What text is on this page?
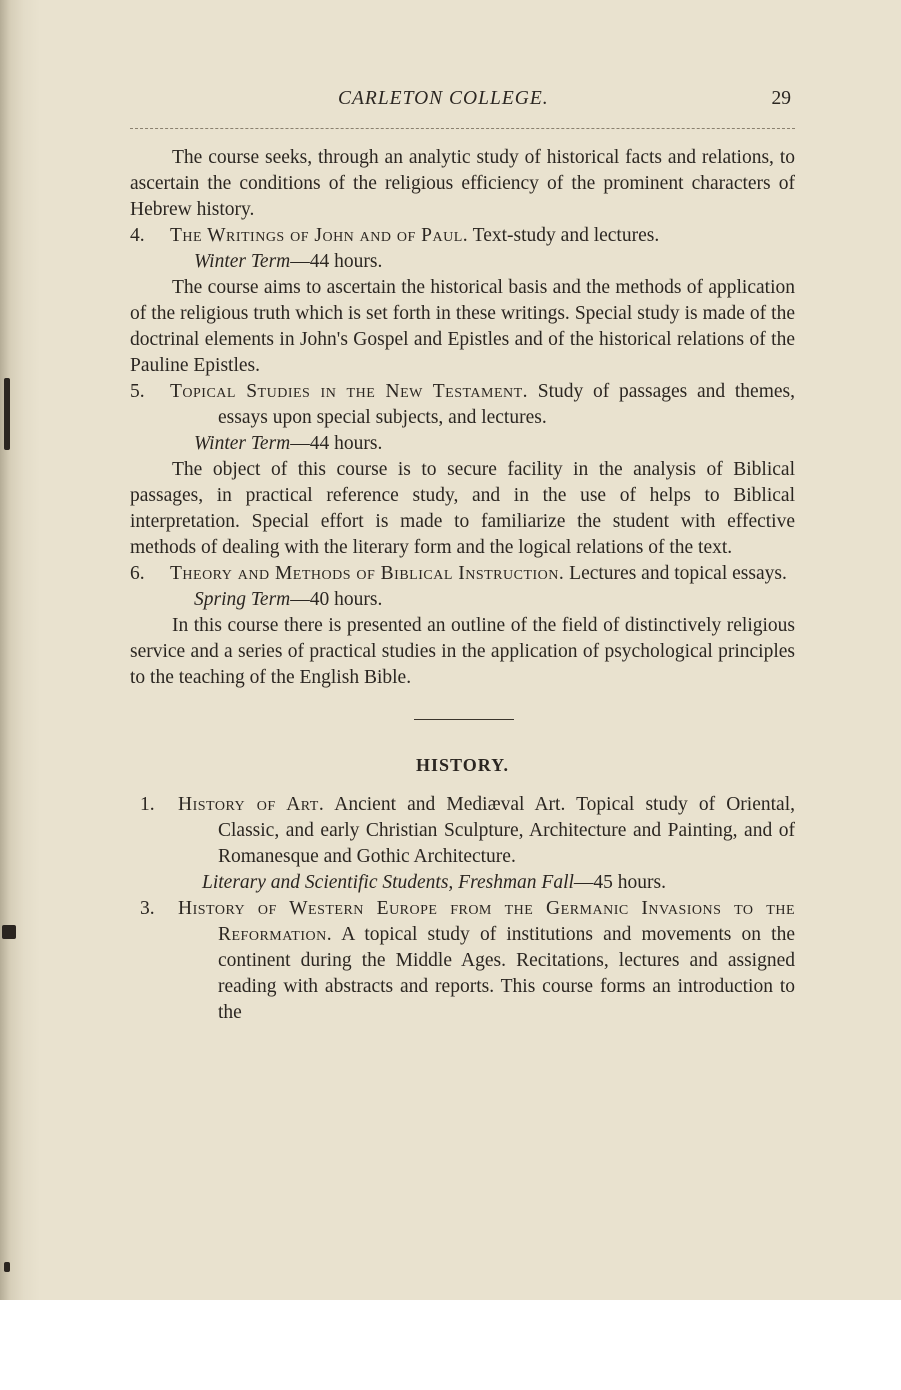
CARLETON COLLEGE.	29

The course seeks, through an analytic study of historical facts and relations, to ascertain the conditions of the religious efficiency of the prominent characters of Hebrew history.

4. The Writings of John and of Paul. Text-study and lectures.

Winter Term—44 hours.

The course aims to ascertain the historical basis and the methods of application of the religious truth which is set forth in these writings. Special study is made of the doctrinal elements in John's Gospel and Epistles and of the historical relations of the Pauline Epistles.

5. Topical Studies in the New Testament. Study of passages and themes, essays upon special subjects, and lectures.

Winter Term—44 hours.

The object of this course is to secure facility in the analysis of Biblical passages, in practical reference study, and in the use of helps to Biblical interpretation. Special effort is made to familiarize the student with effective methods of dealing with the literary form and the logical relations of the text.

6. Theory and Methods of Biblical Instruction. Lectures and topical essays.

Spring Term—40 hours.

In this course there is presented an outline of the field of distinctively religious service and a series of practical studies in the application of psychological principles to the teaching of the English Bible.

HISTORY.

1. History of Art. Ancient and Mediæval Art. Topical study of Oriental, Classic, and early Christian Sculpture, Architecture and Painting, and of Romanesque and Gothic Architecture.

Literary and Scientific Students, Freshman Fall—45 hours.

3. History of Western Europe from the Germanic Invasions to the Reformation. A topical study of institutions and movements on the continent during the Middle Ages. Recitations, lectures and assigned reading with abstracts and reports. This course forms an introduction to the
